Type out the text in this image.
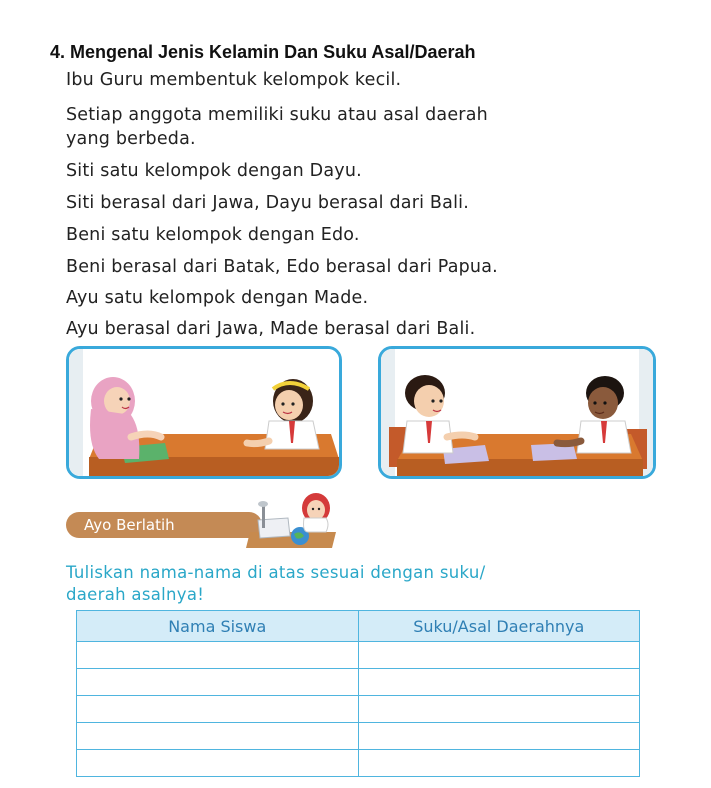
4. Mengenal Jenis Kelamin Dan Suku Asal/Daerah
Ibu Guru membentuk kelompok kecil.
Setiap anggota memiliki suku atau asal daerah
yang berbeda.
Siti satu kelompok dengan Dayu.
Siti berasal dari Jawa, Dayu berasal dari Bali.
Beni satu kelompok dengan Edo.
Beni berasal dari Batak, Edo berasal dari Papua.
Ayu satu kelompok dengan Made.
Ayu berasal dari Jawa, Made berasal dari Bali.
Ayo Berlatih
Tuliskan nama-nama di atas sesuai dengan suku/
daerah asalnya!
Nama Siswa	Suku/Asal Daerahnya
